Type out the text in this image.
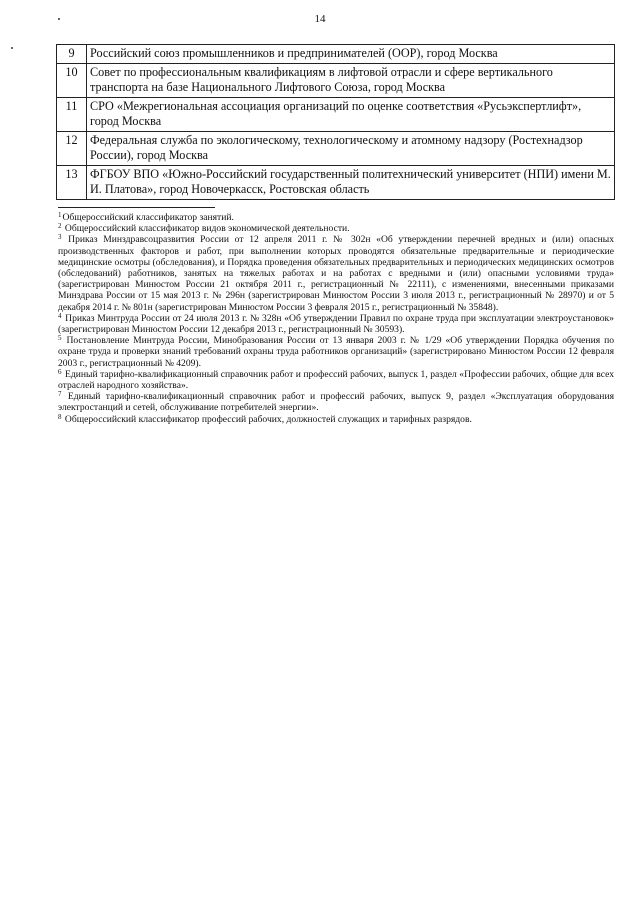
14
9	Российский союз промышленников и предпринимателей (ООР), город Москва
10	Совет по профессиональным квалификациям в лифтовой отрасли и сфере вертикального транспорта на базе Национального Лифтового Союза, город Москва
11	СРО «Межрегиональная ассоциация организаций по оценке соответствия «Русьэкспертлифт», город Москва
12	Федеральная служба по экологическому, технологическому и атомному надзору (Ростехнадзор России), город Москва
13	ФГБОУ ВПО «Южно-Российский государственный политехнический университет (НПИ) имени М. И. Платова», город Новочеркасск, Ростовская область

$^1$Общероссийский классификатор занятий.

$^2$ Общероссийский классификатор видов экономической деятельности.

$^3$ Приказ Минздравсоцразвития России от 12 апреля 2011 г. № 302н «Об утверждении перечней вредных и (или) опасных производственных факторов и работ, при выполнении которых проводятся обязательные предварительные и периодические медицинские осмотры (обследования), и Порядка проведения обязательных предварительных и периодических медицинских осмотров (обследований) работников, занятых на тяжелых работах и на работах с вредными и (или) опасными условиями труда» (зарегистрирован Минюстом России 21 октября 2011 г., регистрационный № 22111), с изменениями, внесенными приказами Минздрава России от 15 мая 2013 г. № 296н (зарегистрирован Минюстом России 3 июля 2013 г., регистрационный № 28970) и от 5 декабря 2014 г. № 801н (зарегистрирован Минюстом России 3 февраля 2015 г., регистрационный № 35848).

$^4$ Приказ Минтруда России от 24 июля 2013 г. № 328н «Об утверждении Правил по охране труда при эксплуатации электроустановок» (зарегистрирован Минюстом России 12 декабря 2013 г., регистрационный № 30593).

$^5$ Постановление Минтруда России, Минобразования России от 13 января 2003 г. № 1/29 «Об утверждении Порядка обучения по охране труда и проверки знаний требований охраны труда работников организаций» (зарегистрировано Минюстом России 12 февраля 2003 г., регистрационный № 4209).

$^6$ Единый тарифно-квалификационный справочник работ и профессий рабочих, выпуск 1, раздел «Профессии рабочих, общие для всех отраслей народного хозяйства».

$^7$ Единый тарифно-квалификационный справочник работ и профессий рабочих, выпуск 9, раздел «Эксплуатация оборудования электростанций и сетей, обслуживание потребителей энергии».

$^8$ Общероссийский классификатор профессий рабочих, должностей служащих и тарифных разрядов.
